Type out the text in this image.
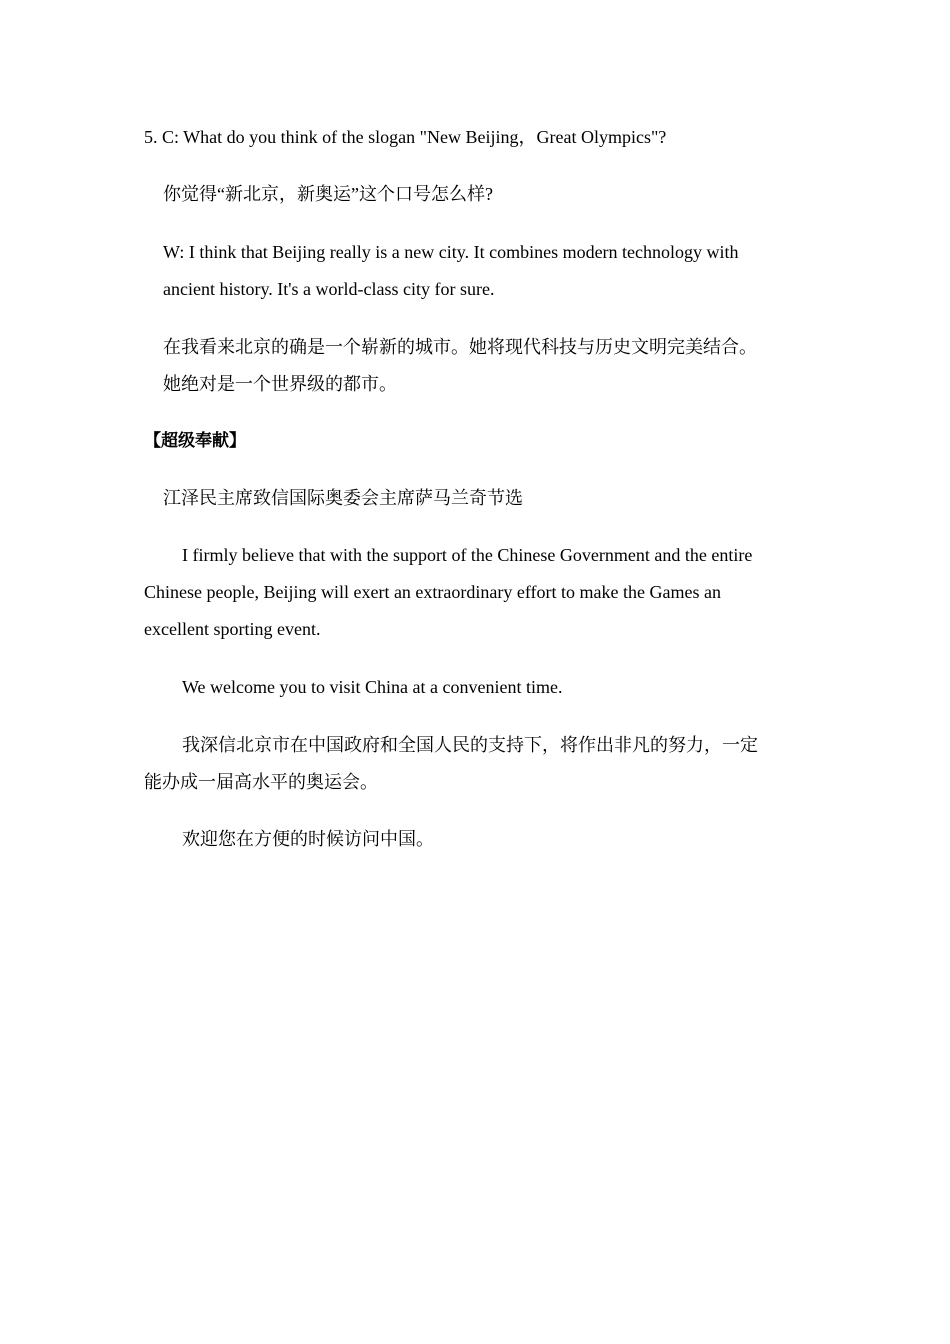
5. C: What do you think of the slogan "New Beijing，Great Olympics"?
你觉得“新北京，新奥运”这个口号怎么样?
W: I think that Beijing really is a new city. It combines modern technology with
ancient history. It's a world-class city for sure.
在我看来北京的确是一个崭新的城市。她将现代科技与历史文明完美结合。
她绝对是一个世界级的都市。
【超级奉献】
江泽民主席致信国际奥委会主席萨马兰奇节选
I firmly believe that with the support of the Chinese Government and the entire
Chinese people, Beijing will exert an extraordinary effort to make the Games an
excellent sporting event.
We welcome you to visit China at a convenient time.
我深信北京市在中国政府和全国人民的支持下，将作出非凡的努力，一定
能办成一届高水平的奥运会。
欢迎您在方便的时候访问中国。
